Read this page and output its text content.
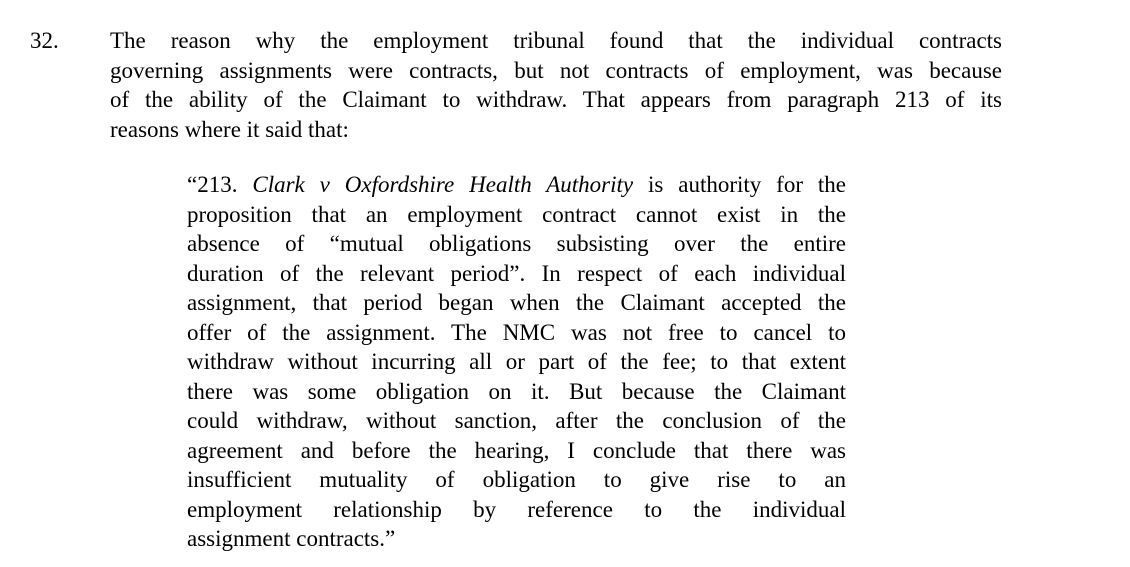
32. The reason why the employment tribunal found that the individual contracts
governing assignments were contracts, but not contracts of employment, was because
of the ability of the Claimant to withdraw. That appears from paragraph 213 of its
reasons where it said that:
“213. Clark v Oxfordshire Health Authority is authority for the
proposition that an employment contract cannot exist in the
absence of “mutual obligations subsisting over the entire
duration of the relevant period”. In respect of each individual
assignment, that period began when the Claimant accepted the
offer of the assignment. The NMC was not free to cancel to
withdraw without incurring all or part of the fee; to that extent
there was some obligation on it. But because the Claimant
could withdraw, without sanction, after the conclusion of the
agreement and before the hearing, I conclude that there was
insufficient mutuality of obligation to give rise to an
employment relationship by reference to the individual
assignment contracts.”
